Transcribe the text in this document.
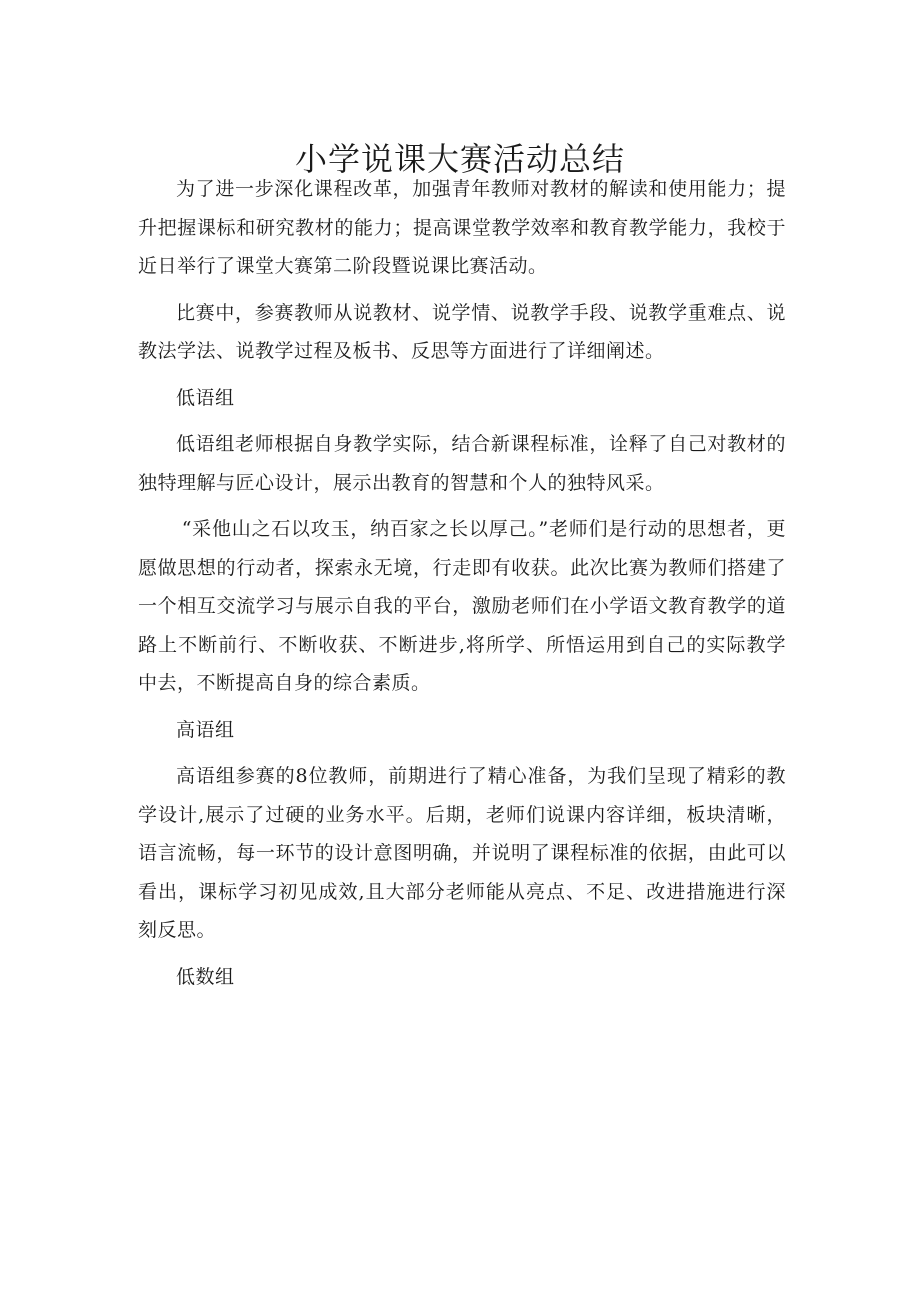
小学说课大赛活动总结

为了进一步深化课程改革，加强青年教师对教材的解读和使用能力；提升把握课标和研究教材的能力；提高课堂教学效率和教育教学能力，我校于近日举行了课堂大赛第二阶段暨说课比赛活动。

比赛中，参赛教师从说教材、说学情、说教学手段、说教学重难点、说教法学法、说教学过程及板书、反思等方面进行了详细阐述。

低语组

低语组老师根据自身教学实际，结合新课程标准，诠释了自己对教材的独特理解与匠心设计，展示出教育的智慧和个人的独特风采。

“采他山之石以攻玉，纳百家之长以厚己。”老师们是行动的思想者，更愿做思想的行动者，探索永无境，行走即有收获。此次比赛为教师们搭建了一个相互交流学习与展示自我的平台，激励老师们在小学语文教育教学的道路上不断前行、不断收获、不断进步,将所学、所悟运用到自己的实际教学中去，不断提高自身的综合素质。

高语组

高语组参赛的8位教师，前期进行了精心准备，为我们呈现了精彩的教学设计,展示了过硬的业务水平。后期，老师们说课内容详细，板块清晰，语言流畅，每一环节的设计意图明确，并说明了课程标准的依据，由此可以看出，课标学习初见成效,且大部分老师能从亮点、不足、改进措施进行深刻反思。

低数组
